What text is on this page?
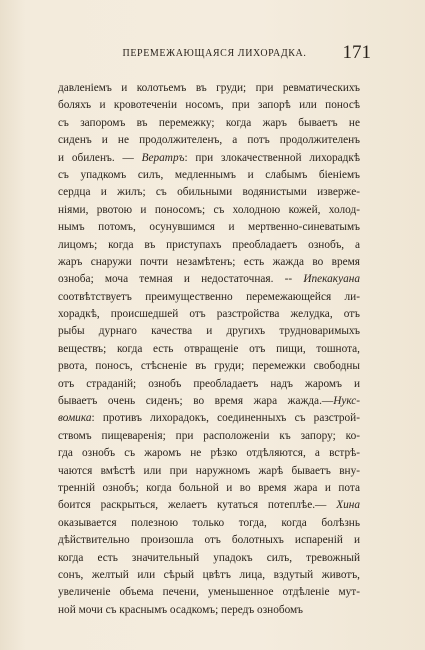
ПЕРЕМЕЖАЮЩАЯСЯ ЛИХОРАДКА. 171
давленіемъ и колотьемъ въ груди; при ревматическихъ
боляхъ и кровотеченіи носомъ, при запорѣ или поносѣ
съ запоромъ въ перемежку; когда жаръ бываетъ не
сиденъ и не продолжителенъ, а потъ продолжителенъ
и обиленъ. — Вератръ: при злокачественной лихорадкѣ
съ упадкомъ силъ, медленнымъ и слабымъ біеніемъ
сердца и жилъ; съ обильными водянистыми изверже-
ніями, рвотою и поносомъ; съ холодною кожей, холод-
нымъ потомъ, осунувшимся и мертвенно-синеватымъ
лицомъ; когда въ приступахъ преобладаетъ ознобъ, а
жаръ снаружи почти незамѣтенъ; есть жажда во время
озноба; моча темная и недостаточная. -- Ипекакуана
соотвѣтствуетъ преимущественно перемежающейся ли-
хорадкѣ, происшедшей отъ разстройства желудка, отъ
рыбы дурнаго качества и другихъ трудноваримыхъ
веществъ; когда есть отвращеніе отъ пищи, тошнота,
рвота, поносъ, стѣсненіе въ груди; перемежки свободны
отъ страданій; ознобъ преобладаетъ надъ жаромъ и
бываетъ очень сиденъ; во время жара жажда.—Нукс-
вомика: противъ лихорадокъ, соединенныхъ съ разстрой-
ствомъ пищеваренія; при расположеніи къ запору; ко-
гда ознобъ съ жаромъ не рѣзко отдѣляются, а встрѣ-
чаются вмѣстѣ или при наружномъ жарѣ бываетъ вну-
тренній ознобъ; когда больной и во время жара и пота
боится раскрыться, желаетъ кутаться потеплѣе.— Хина
оказывается полезною только тогда, когда болѣзнь
дѣйствительно произошла отъ болотныхъ испареній и
когда есть значительный упадокъ силъ, тревожный
сонъ, желтый или сѣрый цвѣтъ лица, вздутый животъ,
увеличеніе объема печени, уменьшенное отдѣленіе мут-
ной мочи съ краснымъ осадкомъ; передъ ознобомъ
